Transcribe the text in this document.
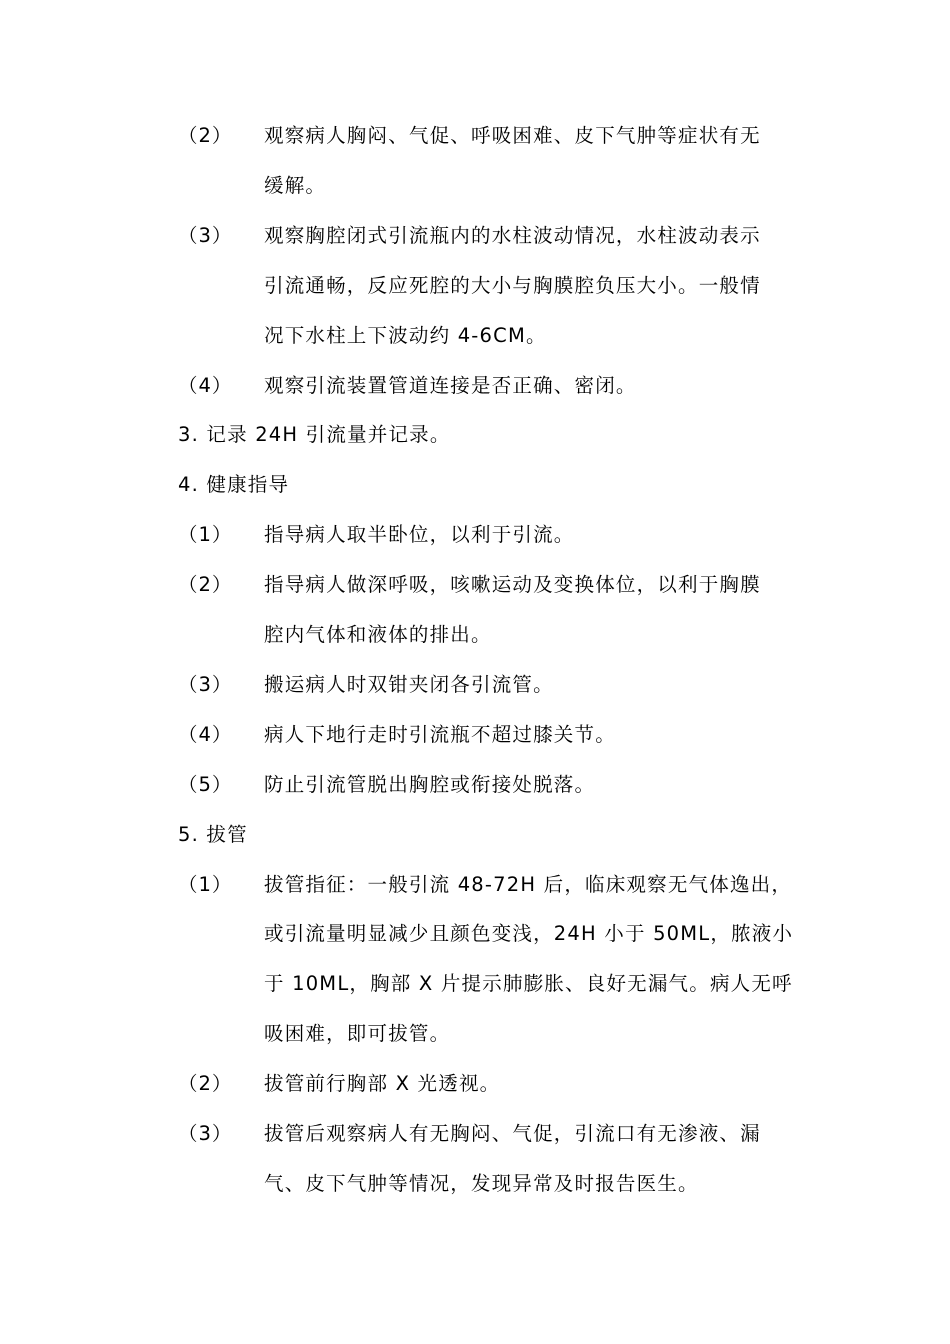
（2） 观察病人胸闷、气促、呼吸困难、皮下气肿等症状有无
缓解。
（3） 观察胸腔闭式引流瓶内的水柱波动情况，水柱波动表示
引流通畅，反应死腔的大小与胸膜腔负压大小。一般情
况下水柱上下波动约 4-6CM。
（4） 观察引流装置管道连接是否正确、密闭。
3. 记录 24H 引流量并记录。
4. 健康指导
（1） 指导病人取半卧位，以利于引流。
（2） 指导病人做深呼吸，咳嗽运动及变换体位，以利于胸膜
腔内气体和液体的排出。
（3） 搬运病人时双钳夹闭各引流管。
（4） 病人下地行走时引流瓶不超过膝关节。
（5） 防止引流管脱出胸腔或衔接处脱落。
5. 拔管
（1） 拔管指征：一般引流 48-72H 后，临床观察无气体逸出，
或引流量明显减少且颜色变浅，24H 小于 50ML，脓液小
于 10ML，胸部 X 片提示肺膨胀、良好无漏气。病人无呼
吸困难，即可拔管。
（2） 拔管前行胸部 X 光透视。
（3） 拔管后观察病人有无胸闷、气促，引流口有无渗液、漏
气、皮下气肿等情况，发现异常及时报告医生。
